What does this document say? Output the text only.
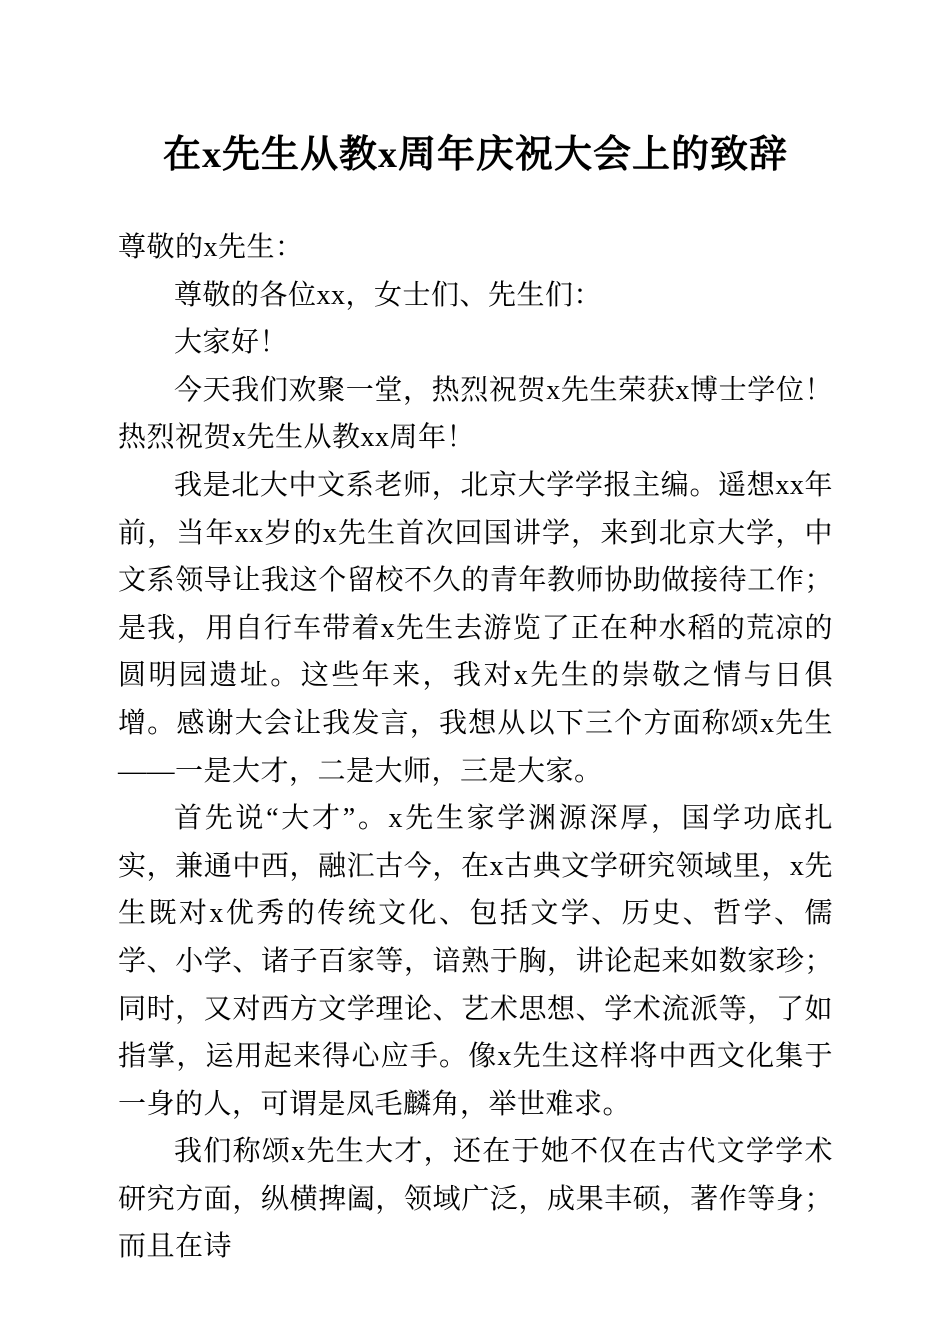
在x先生从教x周年庆祝大会上的致辞

尊敬的x先生：

尊敬的各位xx，女士们、先生们：

大家好！

今天我们欢聚一堂，热烈祝贺x先生荣获x博士学位！热烈祝贺x先生从教xx周年！

我是北大中文系老师，北京大学学报主编。遥想xx年前，当年xx岁的x先生首次回国讲学，来到北京大学，中文系领导让我这个留校不久的青年教师协助做接待工作；是我，用自行车带着x先生去游览了正在种水稻的荒凉的圆明园遗址。这些年来，我对x先生的崇敬之情与日俱增。感谢大会让我发言，我想从以下三个方面称颂x先生——一是大才，二是大师，三是大家。

首先说“大才”。x先生家学渊源深厚，国学功底扎实，兼通中西，融汇古今，在x古典文学研究领域里，x先生既对x优秀的传统文化、包括文学、历史、哲学、儒学、小学、诸子百家等，谙熟于胸，讲论起来如数家珍；同时，又对西方文学理论、艺术思想、学术流派等，了如指掌，运用起来得心应手。像x先生这样将中西文化集于一身的人，可谓是凤毛麟角，举世难求。

我们称颂x先生大才，还在于她不仅在古代文学学术研究方面，纵横捭阖，领域广泛，成果丰硕，著作等身；而且在诗
